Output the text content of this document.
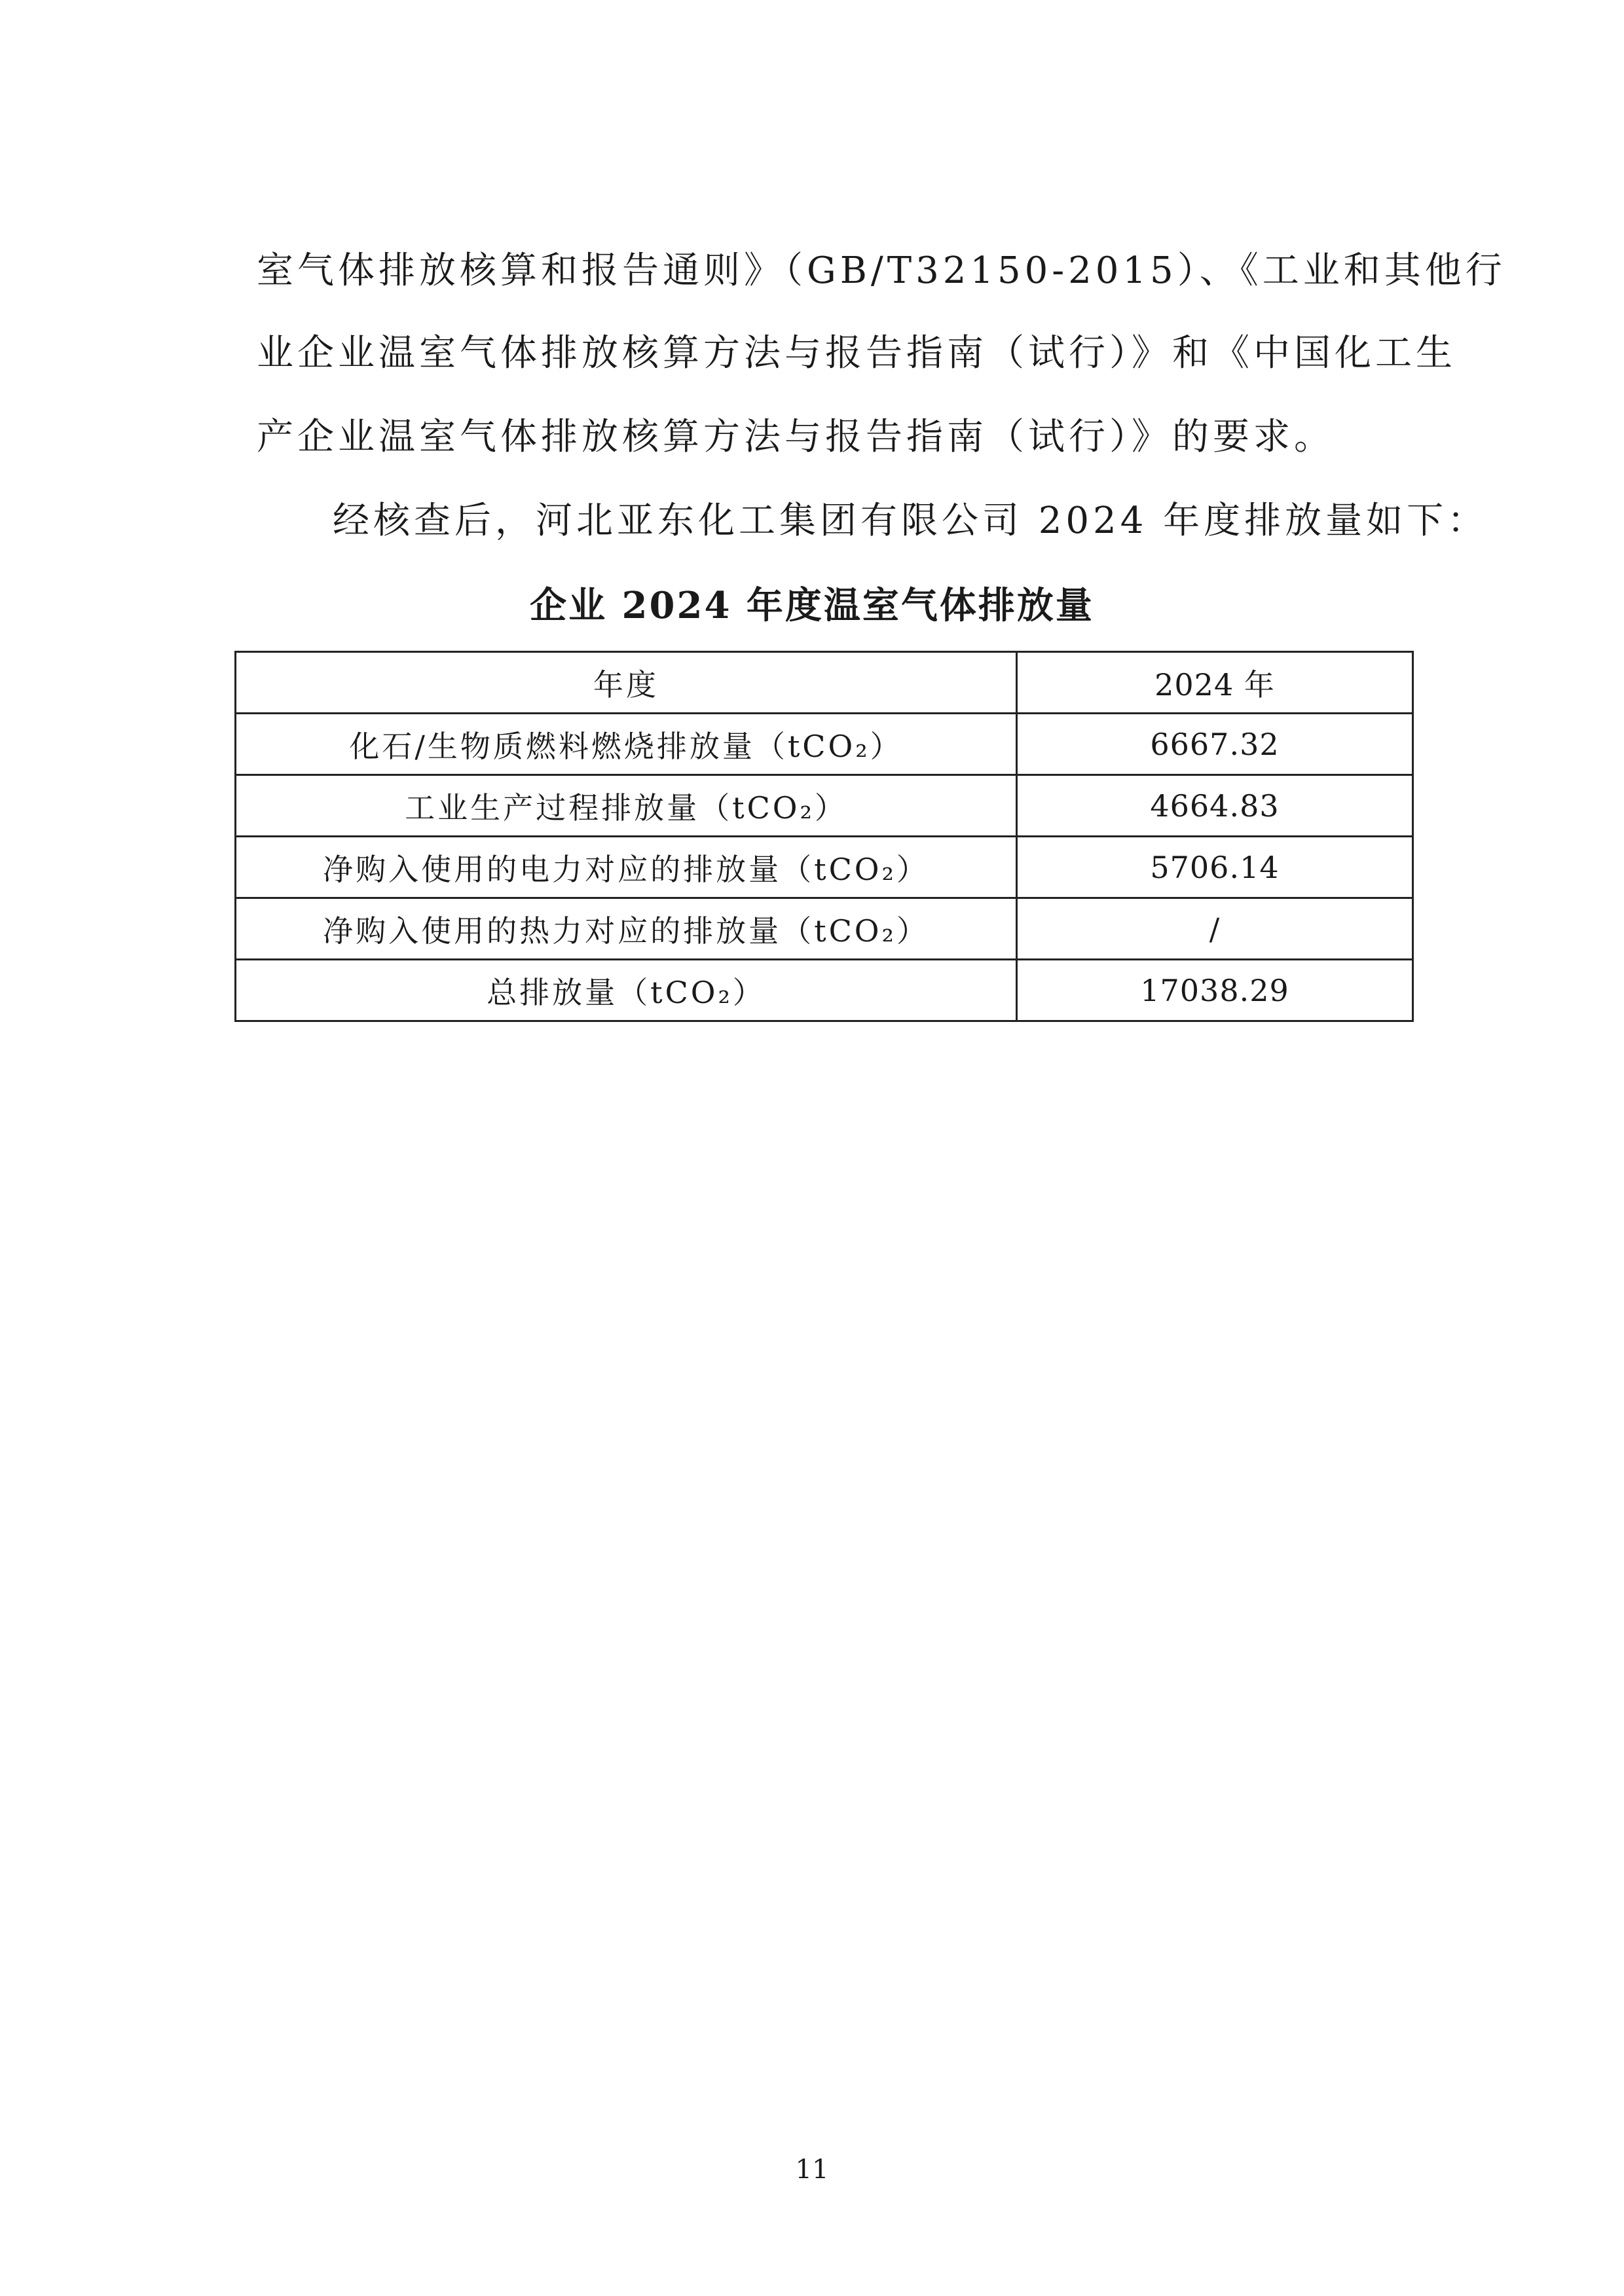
室气体排放核算和报告通则》（GB/T32150-2015）、《工业和其他行
业企业温室气体排放核算方法与报告指南（试行）》和《中国化工生
产企业温室气体排放核算方法与报告指南（试行）》的要求。
经核查后，河北亚东化工集团有限公司 2024 年度排放量如下：
企业 2024 年度温室气体排放量
年度	2024 年
化石/生物质燃料燃烧排放量（tCO₂）	6667.32
工业生产过程排放量（tCO₂）	4664.83
净购入使用的电力对应的排放量（tCO₂）	5706.14
净购入使用的热力对应的排放量（tCO₂）	/
总排放量（tCO₂）	17038.29
11
